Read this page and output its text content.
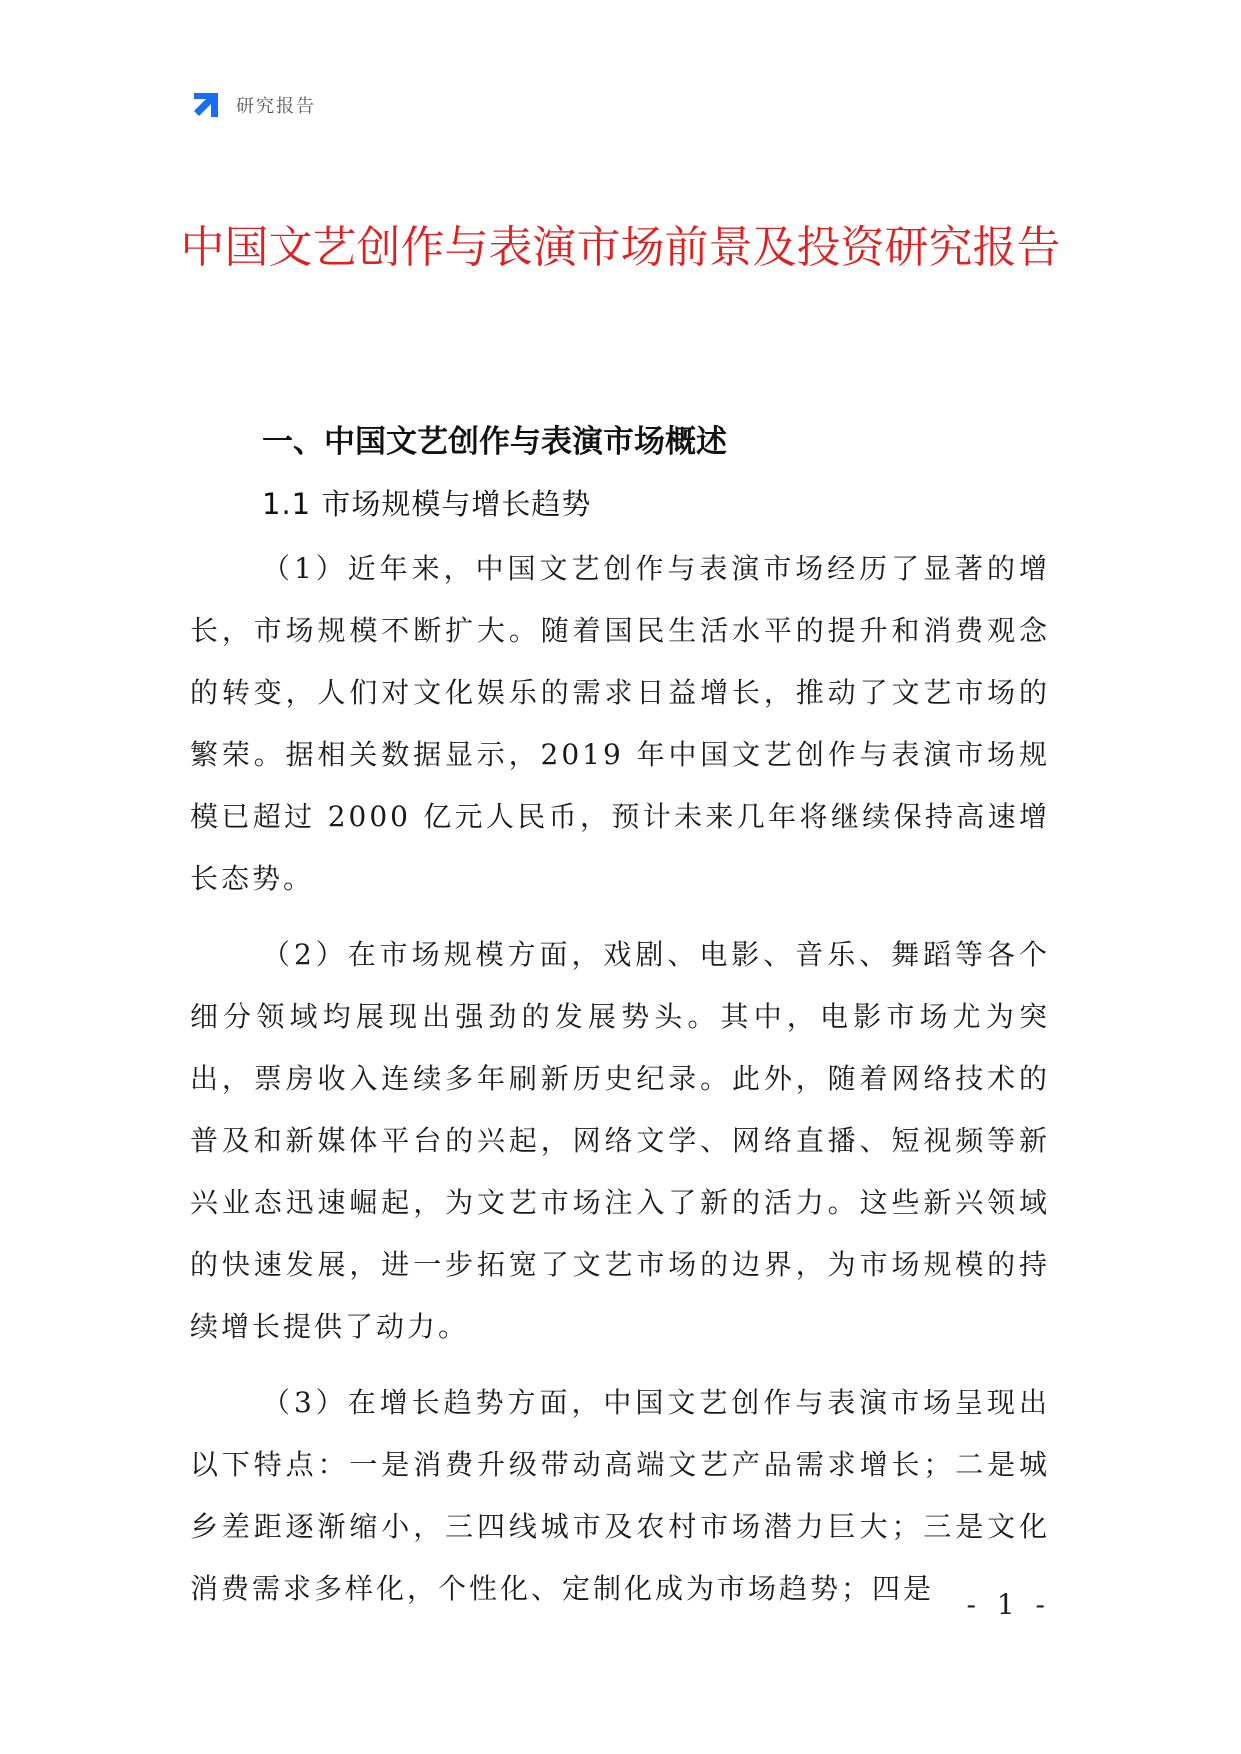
研究报告
中国文艺创作与表演市场前景及投资研究报告
一、中国文艺创作与表演市场概述
1.1 市场规模与增长趋势

（1）近年来，中国文艺创作与表演市场经历了显著的增长，市场规模不断扩大。随着国民生活水平的提升和消费观念的转变，人们对文化娱乐的需求日益增长，推动了文艺市场的繁荣。据相关数据显示，2019 年中国文艺创作与表演市场规模已超过 2000 亿元人民币，预计未来几年将继续保持高速增长态势。

（2）在市场规模方面，戏剧、电影、音乐、舞蹈等各个细分领域均展现出强劲的发展势头。其中，电影市场尤为突出，票房收入连续多年刷新历史纪录。此外，随着网络技术的普及和新媒体平台的兴起，网络文学、网络直播、短视频等新兴业态迅速崛起，为文艺市场注入了新的活力。这些新兴领域的快速发展，进一步拓宽了文艺市场的边界，为市场规模的持续增长提供了动力。

（3）在增长趋势方面，中国文艺创作与表演市场呈现出以下特点：一是消费升级带动高端文艺产品需求增长；二是城乡差距逐渐缩小，三四线城市及农村市场潜力巨大；三是文化消费需求多样化，个性化、定制化成为市场趋势；四是	- 1 -
